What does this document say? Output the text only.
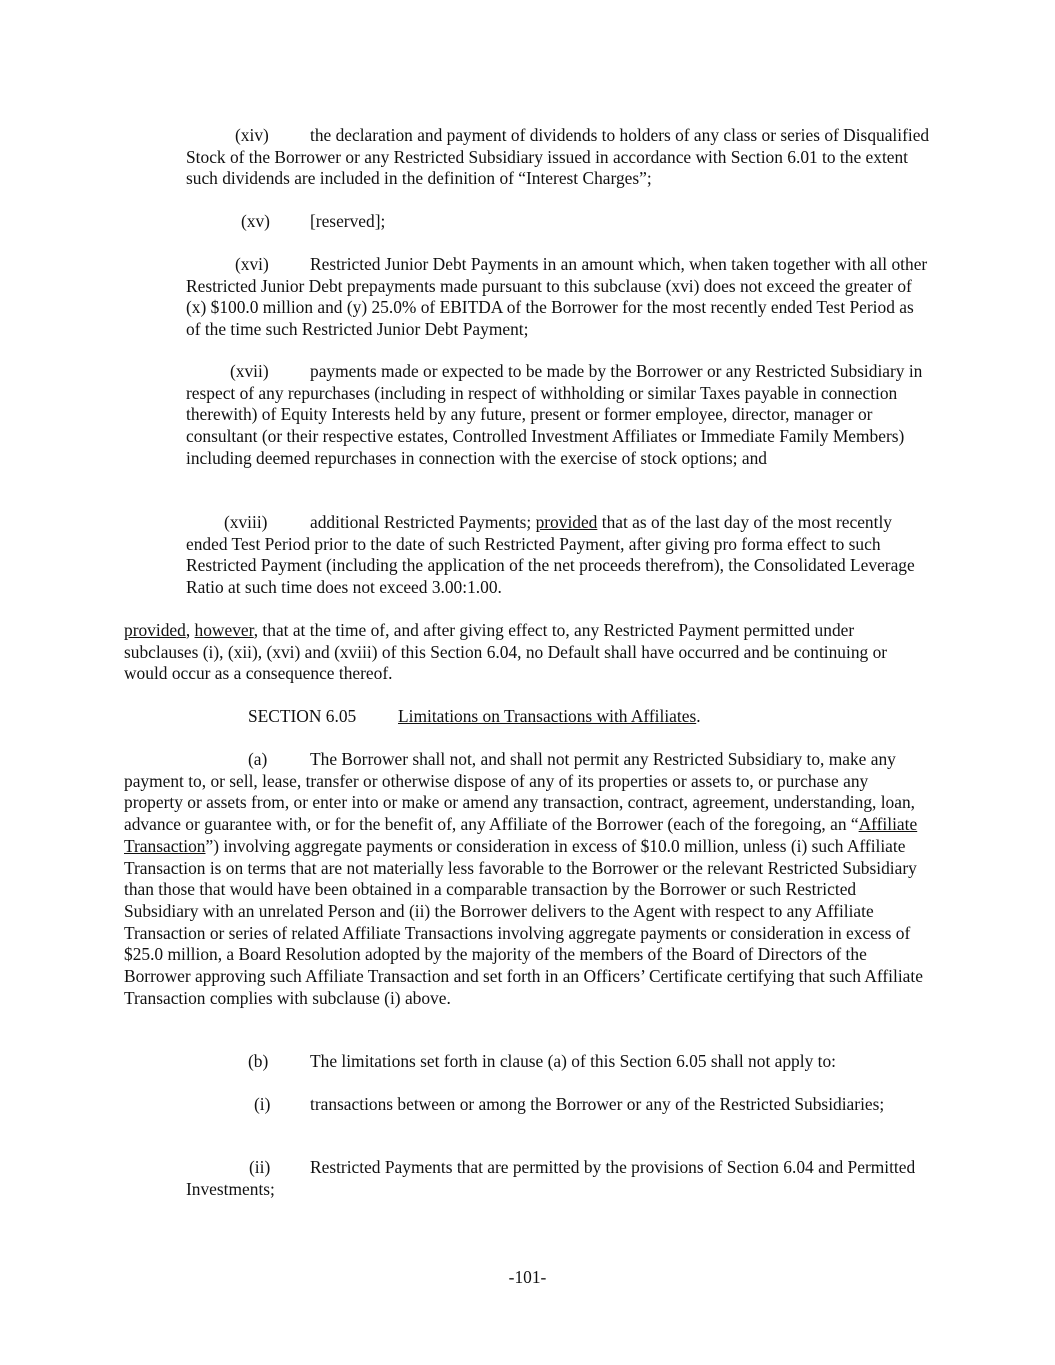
(xiv) the declaration and payment of dividends to holders of any class or series of Disqualified Stock of the Borrower or any Restricted Subsidiary issued in accordance with Section 6.01 to the extent such dividends are included in the definition of “Interest Charges”;

(xv) [reserved];

(xvi) Restricted Junior Debt Payments in an amount which, when taken together with all other Restricted Junior Debt prepayments made pursuant to this subclause (xvi) does not exceed the greater of (x) $100.0 million and (y) 25.0% of EBITDA of the Borrower for the most recently ended Test Period as of the time such Restricted Junior Debt Payment;

(xvii) payments made or expected to be made by the Borrower or any Restricted Subsidiary in respect of any repurchases (including in respect of withholding or similar Taxes payable in connection therewith) of Equity Interests held by any future, present or former employee, director, manager or consultant (or their respective estates, Controlled Investment Affiliates or Immediate Family Members) including deemed repurchases in connection with the exercise of stock options; and

(xviii) additional Restricted Payments; provided that as of the last day of the most recently ended Test Period prior to the date of such Restricted Payment, after giving pro forma effect to such Restricted Payment (including the application of the net proceeds therefrom), the Consolidated Leverage Ratio at such time does not exceed 3.00:1.00.

provided, however, that at the time of, and after giving effect to, any Restricted Payment permitted under subclauses (i), (xii), (xvi) and (xviii) of this Section 6.04, no Default shall have occurred and be continuing or would occur as a consequence thereof.

SECTION 6.05 Limitations on Transactions with Affiliates.

(a) The Borrower shall not, and shall not permit any Restricted Subsidiary to, make any payment to, or sell, lease, transfer or otherwise dispose of any of its properties or assets to, or purchase any property or assets from, or enter into or make or amend any transaction, contract, agreement, understanding, loan, advance or guarantee with, or for the benefit of, any Affiliate of the Borrower (each of the foregoing, an “Affiliate Transaction”) involving aggregate payments or consideration in excess of $10.0 million, unless (i) such Affiliate Transaction is on terms that are not materially less favorable to the Borrower or the relevant Restricted Subsidiary than those that would have been obtained in a comparable transaction by the Borrower or such Restricted Subsidiary with an unrelated Person and (ii) the Borrower delivers to the Agent with respect to any Affiliate Transaction or series of related Affiliate Transactions involving aggregate payments or consideration in excess of $25.0 million, a Board Resolution adopted by the majority of the members of the Board of Directors of the Borrower approving such Affiliate Transaction and set forth in an Officers’ Certificate certifying that such Affiliate Transaction complies with subclause (i) above.

(b) The limitations set forth in clause (a) of this Section 6.05 shall not apply to:

(i) transactions between or among the Borrower or any of the Restricted Subsidiaries;

(ii) Restricted Payments that are permitted by the provisions of Section 6.04 and Permitted Investments;

-101-
